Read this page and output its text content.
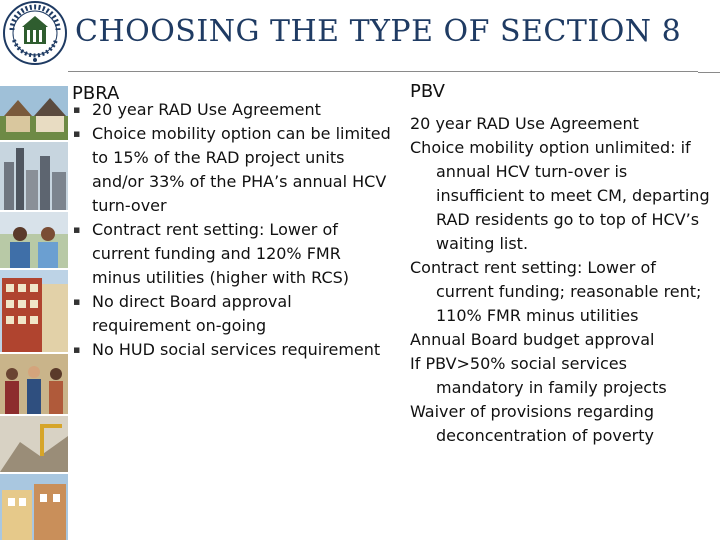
CHOOSING THE TYPE OF SECTION 8
PBRA
▪ 20 year RAD Use Agreement
▪ Choice mobility option can be limited to 15% of the RAD project units and/or 33% of the PHA’s annual HCV turn-over
▪ Contract rent setting: Lower of current funding and 120% FMR minus utilities (higher with RCS)
▪ No direct Board approval requirement on-going
▪ No HUD social services requirement
PBV

20 year RAD Use Agreement

Choice mobility option unlimited: if annual HCV turn-over is insufficient to meet CM, departing RAD residents go to top of HCV’s waiting list.

Contract rent setting: Lower of current funding; reasonable rent; 110% FMR minus utilities

Annual Board budget approval

If PBV>50% social services mandatory in family projects

Waiver of provisions regarding deconcentration of poverty
